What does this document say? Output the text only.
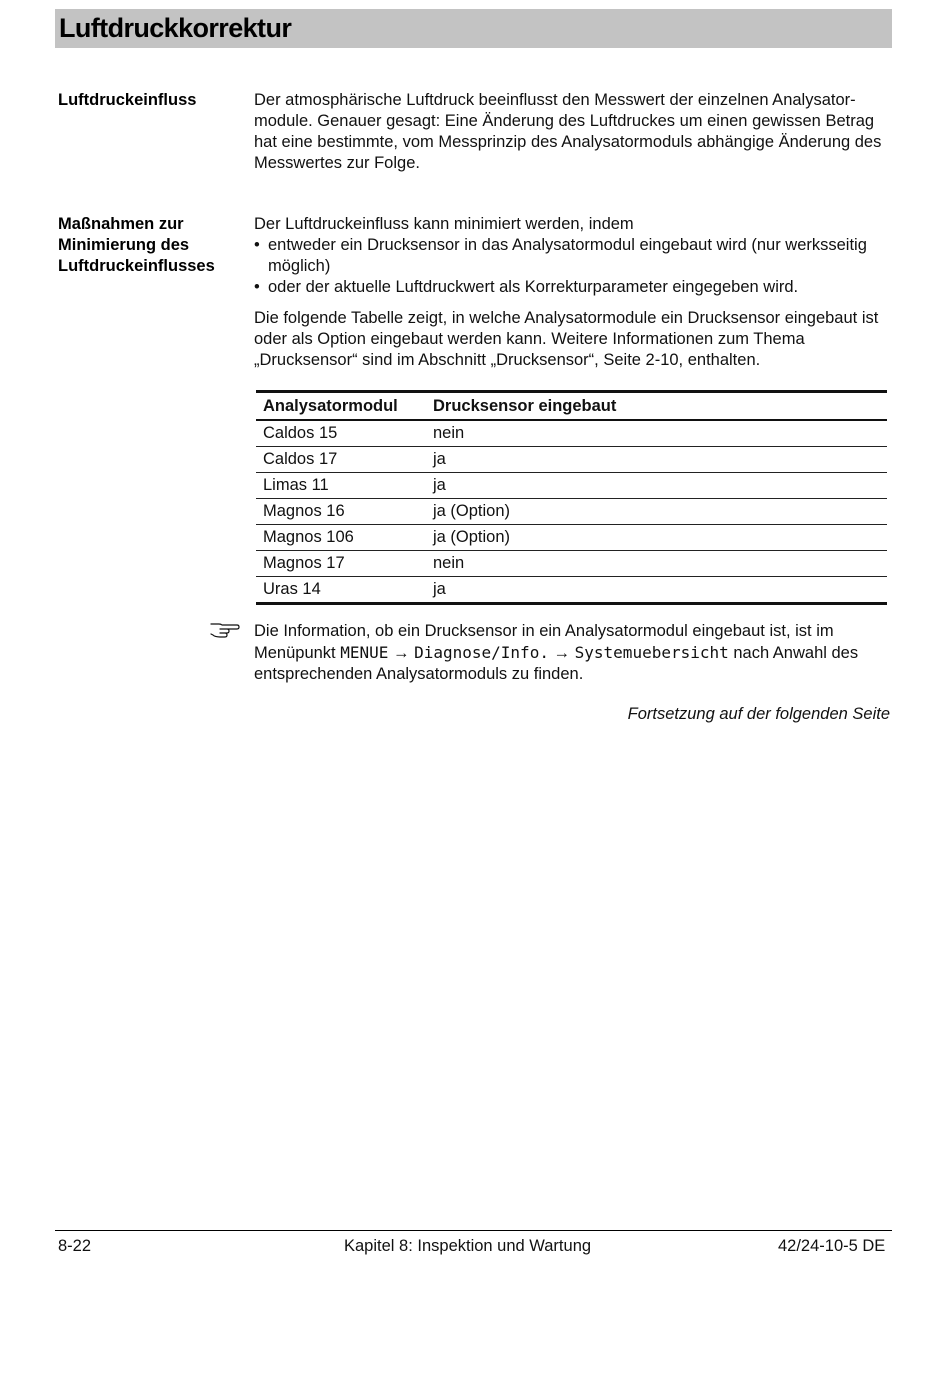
Luftdruckkorrektur
Luftdruckeinfluss	Der atmosphärische Luftdruck beeinflusst den Messwert der einzelnen Analysator-module. Genauer gesagt: Eine Änderung des Luftdruckes um einen gewissen Betrag hat eine bestimmte, vom Messprinzip des Analysatormoduls abhängige Änderung des Messwertes zur Folge.

Maßnahmen zur
Minimierung des
Luftdruckeinflusses

Der Luftdruckeinfluss kann minimiert werden, indem

• entweder ein Drucksensor in das Analysatormodul eingebaut wird (nur werksseitig möglich)
• oder der aktuelle Luftdruckwert als Korrekturparameter eingegeben wird.

Die folgende Tabelle zeigt, in welche Analysatormodule ein Drucksensor eingebaut ist oder als Option eingebaut werden kann. Weitere Informationen zum Thema „Drucksensor“ sind im Abschnitt „Drucksensor“, Seite 2-10, enthalten.

Analysatormodul	Drucksensor eingebaut
Caldos 15	nein
Caldos 17	ja
Limas 11	ja
Magnos 16	ja (Option)
Magnos 106	ja (Option)
Magnos 17	nein
Uras 14	ja
Die Information, ob ein Drucksensor in ein Analysatormodul eingebaut ist, ist im Menüpunkt MENUE → Diagnose/Info. → Systemuebersicht nach Anwahl des entsprechenden Analysatormoduls zu finden.
Fortsetzung auf der folgenden Seite
8-22	Kapitel 8: Inspektion und Wartung	42/24-10-5 DE
